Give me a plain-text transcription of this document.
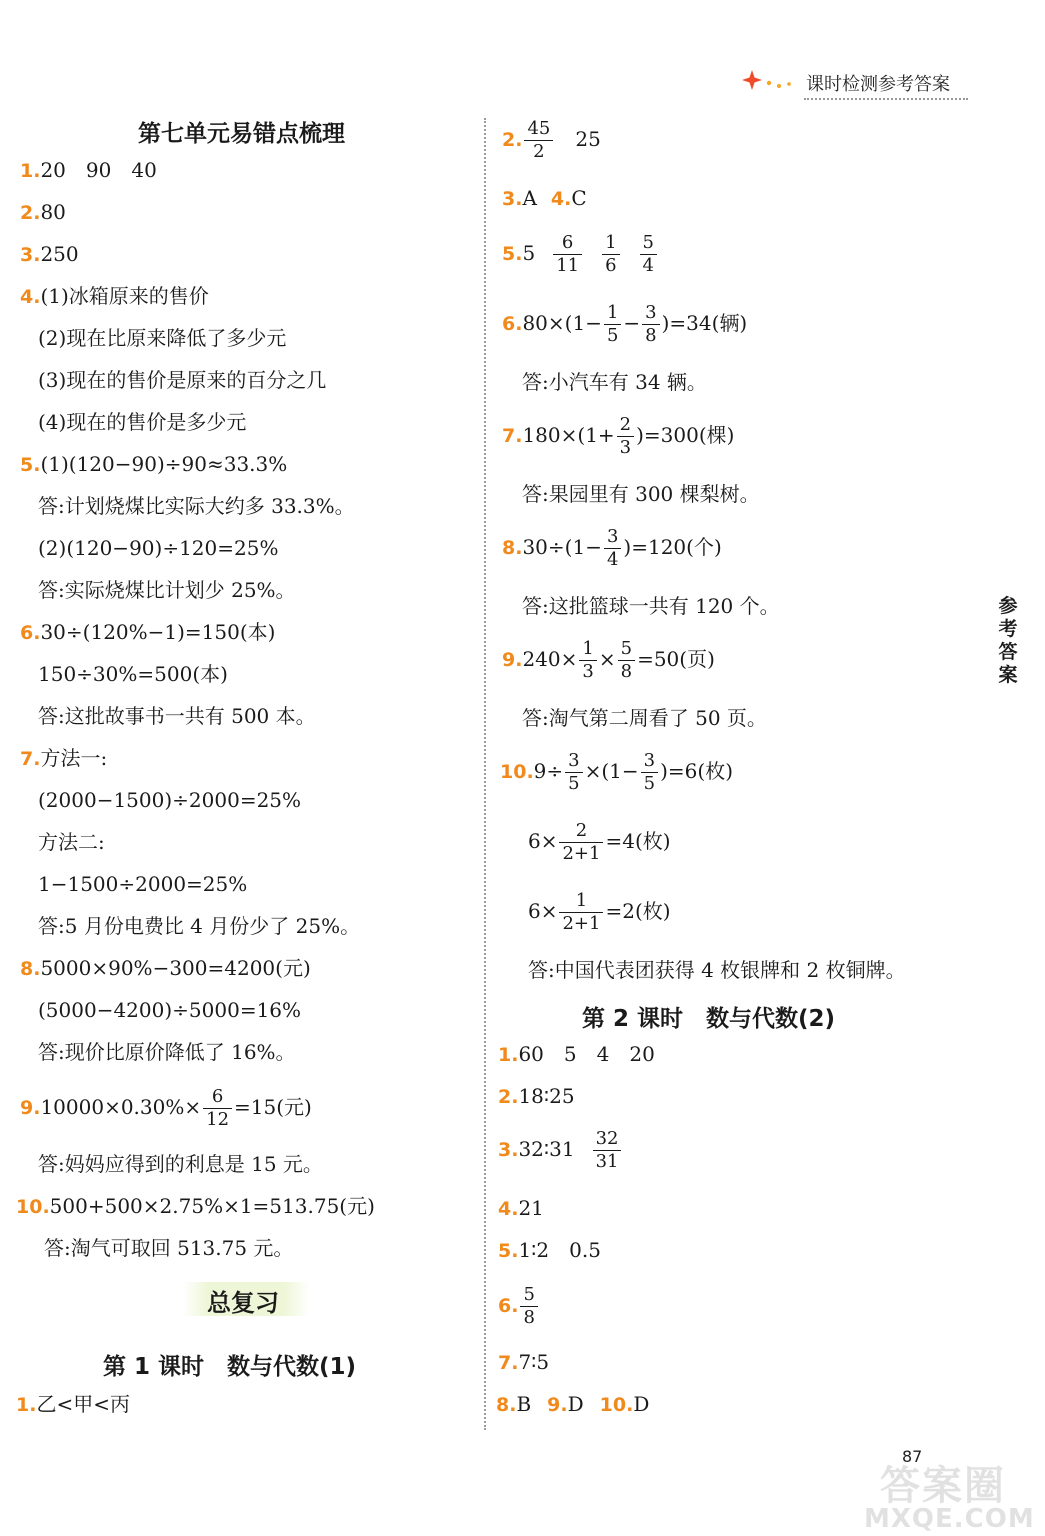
课时检测参考答案
参考答案
第七单元易错点梳理
1.20　90　40
2.80
3.250
4.(1)冰箱原来的售价
(2)现在比原来降低了多少元
(3)现在的售价是原来的百分之几
(4)现在的售价是多少元
5.(1)(120−90)÷90≈33.3%
答:计划烧煤比实际大约多 33.3%。
(2)(120−90)÷120=25%
答:实际烧煤比计划少 25%。
6.30÷(120%−1)=150(本)
150÷30%=500(本)
答:这批故事书一共有 500 本。
7.方法一:
(2000−1500)÷2000=25%
方法二:
1−1500÷2000=25%
答:5 月份电费比 4 月份少了 25%。
8.5000×90%−300=4200(元)
(5000−4200)÷5000=16%
答:现价比原价降低了 16%。
$9.10000\times 0.30\%\times \frac{6}{12} =15$(元)
答:妈妈应得到的利息是 15 元。
10.500+500×2.75%×1=513.75(元)
答:淘气可取回 513.75 元。
总复习
第 1 课时　数与代数(1)
1.乙<甲<丙
2. $\frac{45}{2} 25$
3.A 4.C
$5.5 \frac{6}{11} \frac{1}{6} \frac{5}{4}$
$6.80\times(1- \frac{1}{5} - \frac{3}{8} )=34$(辆)
答:小汽车有 34 辆。
$7.180\times(1+ \frac{2}{3} )=300$(棵)
答:果园里有 300 棵梨树。
$8.30\div(1- \frac{3}{4} )=120$(个)
答:这批篮球一共有 120 个。
$9.240\times \frac{1}{3} \times \frac{5}{8} =50$(页)
答:淘气第二周看了 50 页。
$10.9\div \frac{3}{5} \times(1- \frac{3}{5} )=6$(枚)
$6\times \frac{2}{2+1} =4$(枚)
$6\times \frac{1}{2+1} =2$(枚)
答:中国代表团获得 4 枚银牌和 2 枚铜牌。
第 2 课时　数与代数(2)
1.60　5　4　20
2.18∶25
3.32∶31 $\frac{32}{31}$
4.21
5.1∶2　0.5
6. $\frac{5}{8}$
7.7∶5
8.B 9.D 10.D
答案圈
MXQE.COM
87
